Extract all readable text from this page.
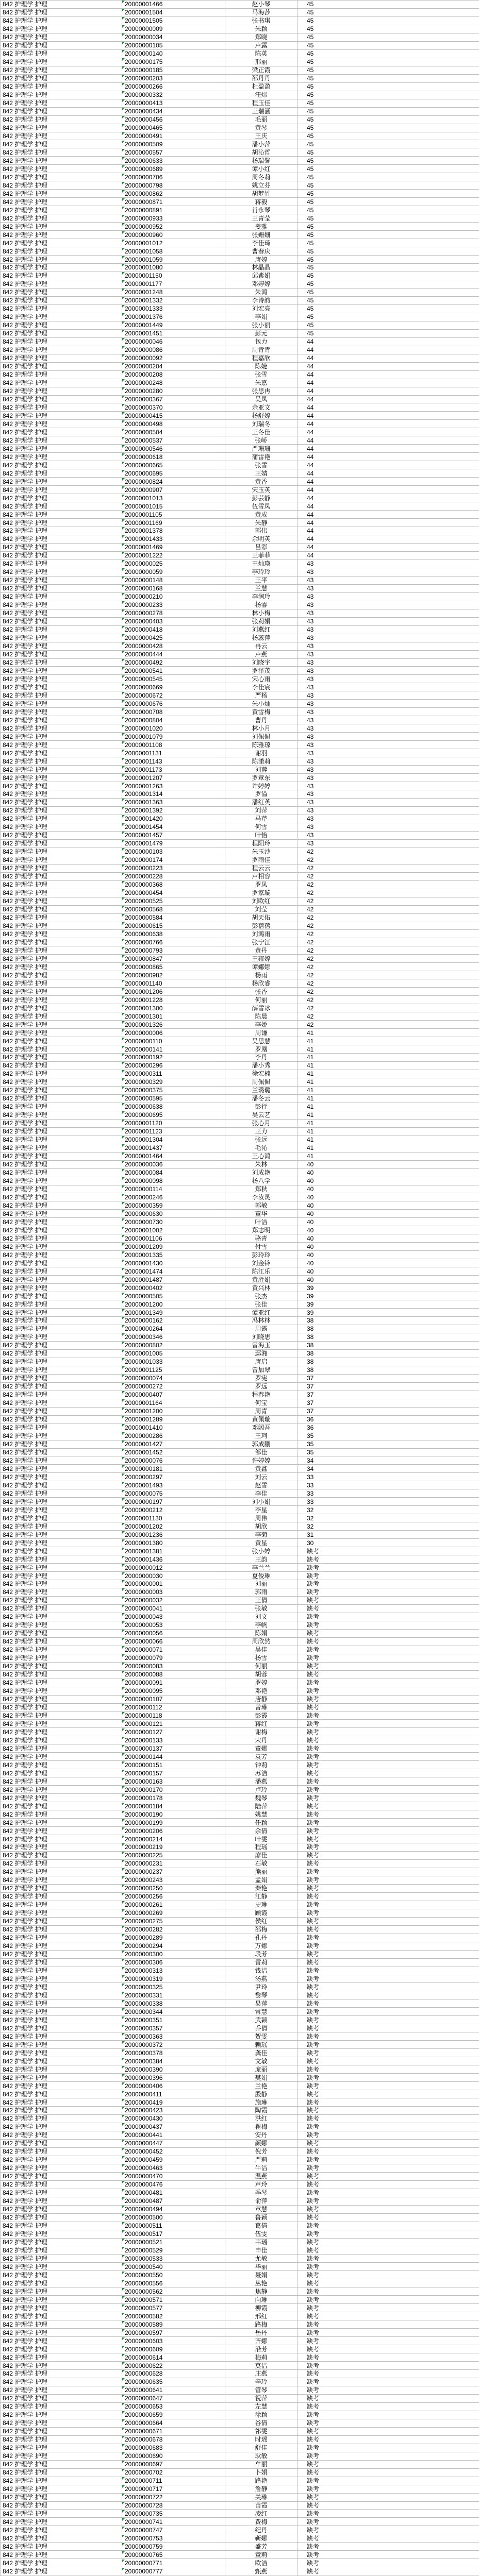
842 护理学 护理	20000001466	赵小琴	45
842 护理学 护理	20000001504	马海莎	45
842 护理学 护理	20000001505	张书琪	45
842 护理学 护理	20000000009	朱颖	45
842 护理学 护理	20000000034	郑晓	45
842 护理学 护理	20000000105	卢露	45
842 护理学 护理	20000000140	陈英	45
842 护理学 护理	20000000175	邢丽	45
842 护理学 护理	20000000185	梁正霞	45
842 护理学 护理	20000000203	邵丹丹	45
842 护理学 护理	20000000266	杜盈盈	45
842 护理学 护理	20000000332	汪炜	45
842 护理学 护理	20000000413	程玉佳	45
842 护理学 护理	20000000434	王瑞涵	45
842 护理学 护理	20000000456	毛丽	45
842 护理学 护理	20000000465	黄琴	45
842 护理学 护理	20000000491	王庆	45
842 护理学 护理	20000000509	潘小萍	45
842 护理学 护理	20000000557	胡沁哲	45
842 护理学 护理	20000000633	杨瑞馨	45
842 护理学 护理	20000000689	谭小红	45
842 护理学 护理	20000000706	周冬莉	45
842 护理学 护理	20000000798	姚立芬	45
842 护理学 护理	20000000862	胡梦竹	45
842 护理学 护理	20000000871	蒋毅	45
842 护理学 护理	20000000891	肖永琴	45
842 护理学 护理	20000000933	王青莹	45
842 护理学 护理	20000000952	姜雅	45
842 护理学 护理	20000000960	张姗姗	45
842 护理学 护理	20000001012	李佳琦	45
842 护理学 护理	20000001058	曹春庆	45
842 护理学 护理	20000001059	唐婷	45
842 护理学 护理	20000001080	林晶晶	45
842 护理学 护理	20000001150	邱紫娟	45
842 护理学 护理	20000001177	邓婷婷	45
842 护理学 护理	20000001248	朱鸿	45
842 护理学 护理	20000001332	李诗韵	45
842 护理学 护理	20000001333	刘宏亮	45
842 护理学 护理	20000001376	李娟	45
842 护理学 护理	20000001449	张小丽	45
842 护理学 护理	20000001451	彭元	45
842 护理学 护理	20000000046	包力	44
842 护理学 护理	20000000086	周青青	44
842 护理学 护理	20000000092	程嘉欣	44
842 护理学 护理	20000000204	陈婕	44
842 护理学 护理	20000000208	张雪	44
842 护理学 护理	20000000248	朱嘉	44
842 护理学 护理	20000000280	张思冉	44
842 护理学 护理	20000000367	吴凤	44
842 护理学 护理	20000000370	余亚文	44
842 护理学 护理	20000000415	杨舒婷	44
842 护理学 护理	20000000498	刘瑞冬	44
842 护理学 护理	20000000504	王冬佳	44
842 护理学 护理	20000000537	张峤	44
842 护理学 护理	20000000546	严珊珊	44
842 护理学 护理	20000000618	蒲雷艳	44
842 护理学 护理	20000000665	张雪	44
842 护理学 护理	20000000695	王婧	44
842 护理学 护理	20000000824	黄香	44
842 护理学 护理	20000000907	宋玉英	44
842 护理学 护理	20000001013	彭芸静	44
842 护理学 护理	20000001015	伍雪凤	44
842 护理学 护理	20000001105	黄成	44
842 护理学 护理	20000001169	朱静	44
842 护理学 护理	20000001378	郭伟	44
842 护理学 护理	20000001433	余明英	44
842 护理学 护理	20000001469	吕彩	44
842 护理学 护理	20000001222	王菲菲	44
842 护理学 护理	20000000025	王灿瑛	43
842 护理学 护理	20000000059	李玲玲	43
842 护理学 护理	20000000148	王平	43
842 护理学 护理	20000000168	兰慧	43
842 护理学 护理	20000000210	李润玲	43
842 护理学 护理	20000000233	杨睿	43
842 护理学 护理	20000000278	林小梅	43
842 护理学 护理	20000000403	张莉娟	43
842 护理学 护理	20000000418	刘燕红	43
842 护理学 护理	20000000425	杨蕊萍	43
842 护理学 护理	20000000428	冉云	43
842 护理学 护理	20000000444	卢燕	43
842 护理学 护理	20000000492	刘晓宇	43
842 护理学 护理	20000000541	罗泽茂	43
842 护理学 护理	20000000545	宋心雨	43
842 护理学 护理	20000000669	李佳宸	43
842 护理学 护理	20000000672	严杨	43
842 护理学 护理	20000000676	朱小灿	43
842 护理学 护理	20000000708	黄雪梅	43
842 护理学 护理	20000000804	曹丹	43
842 护理学 护理	20000001020	林小月	43
842 护理学 护理	20000001079	刘佩佩	43
842 护理学 护理	20000001108	陈雅琼	43
842 护理学 护理	20000001131	谢羽	43
842 护理学 护理	20000001143	陈潇莉	43
842 护理学 护理	20000001173	刘蓉	43
842 护理学 护理	20000001207	罗章东	43
842 护理学 护理	20000001263	许婷婷	43
842 护理学 护理	20000001314	罗溢	43
842 护理学 护理	20000001363	潘红英	43
842 护理学 护理	20000001392	刘萍	43
842 护理学 护理	20000001420	马芹	43
842 护理学 护理	20000001454	何雪	43
842 护理学 护理	20000001457	叶怡	43
842 护理学 护理	20000001479	程阳玲	43
842 护理学 护理	20000000103	朱玉沙	42
842 护理学 护理	20000000174	罗雨佳	42
842 护理学 护理	20000000223	程云云	42
842 护理学 护理	20000000228	卢相容	42
842 护理学 护理	20000000368	罗凤	42
842 护理学 护理	20000000454	罗家璇	42
842 护理学 护理	20000000525	刘欧红	42
842 护理学 护理	20000000568	刘莹	42
842 护理学 护理	20000000584	胡天佑	42
842 护理学 护理	20000000615	彭蓓蓓	42
842 护理学 护理	20000000638	刘鸿雨	42
842 护理学 护理	20000000766	张宁江	42
842 护理学 护理	20000000793	黄丹	42
842 护理学 护理	20000000847	王雍婷	42
842 护理学 护理	20000000865	谭娜娜	42
842 护理学 护理	20000000982	杨雨	42
842 护理学 护理	20000001140	杨欣睿	42
842 护理学 护理	20000001206	张香	42
842 护理学 护理	20000001228	何丽	42
842 护理学 护理	20000001300	薛雪冰	42
842 护理学 护理	20000001301	陈晨	42
842 护理学 护理	20000001326	李娇	42
842 护理学 护理	20000000006	周谦	41
842 护理学 护理	20000000110	吴思慧	41
842 护理学 护理	20000000141	罗凰	41
842 护理学 护理	20000000192	李丹	41
842 护理学 护理	20000000296	潘小秀	41
842 护理学 护理	20000000311	徐宏楠	41
842 护理学 护理	20000000329	周佩佩	41
842 护理学 护理	20000000375	兰璐璐	41
842 护理学 护理	20000000595	潘冬云	41
842 护理学 护理	20000000638	彭行	41
842 护理学 护理	20000000695	吴云艺	41
842 护理学 护理	20000001120	张心月	41
842 护理学 护理	20000001123	王力	41
842 护理学 护理	20000001304	张远	41
842 护理学 护理	20000001437	毛沁	41
842 护理学 护理	20000001464	王心鸿	41
842 护理学 护理	20000000036	朱林	40
842 护理学 护理	20000000084	刘成艳	40
842 护理学 护理	20000000098	杨八学	40
842 护理学 护理	20000000114	郑秋	40
842 护理学 护理	20000000246	李汝灵	40
842 护理学 护理	20000000359	郭敏	40
842 护理学 护理	20000000630	董华	40
842 护理学 护理	20000000730	叶洁	40
842 护理学 护理	20000001002	郑志明	40
842 护理学 护理	20000001106	骆青	40
842 护理学 护理	20000001209	付雪	40
842 护理学 护理	20000001335	彭玲玲	40
842 护理学 护理	20000001430	刘金铃	40
842 护理学 护理	20000001474	陈江乐	40
842 护理学 护理	20000001487	黄胜娟	40
842 护理学 护理	20000000402	黄兴林	39
842 护理学 护理	20000000505	张杰	39
842 护理学 护理	20000001200	张佳	39
842 护理学 护理	20000001349	谭亚红	39
842 护理学 护理	20000000162	冯林林	38
842 护理学 护理	20000000264	周露	38
842 护理学 护理	20000000346	刘晓思	38
842 护理学 护理	20000000802	曾海玉	38
842 护理学 护理	20000001005	鄢湘	38
842 护理学 护理	20000001033	唐启	38
842 护理学 护理	20000001125	曾加翠	38
842 护理学 护理	20000000074	罗宪	37
842 护理学 护理	20000000272	罗远	37
842 护理学 护理	20000000407	程春艳	37
842 护理学 护理	20000001164	何宝	37
842 护理学 护理	20000001200	周青	37
842 护理学 护理	20000001289	黄佩璇	36
842 护理学 护理	20000001410	邓阔吾	36
842 护理学 护理	20000000286	王珂	35
842 护理学 护理	20000001427	郭成鹏	35
842 护理学 护理	20000001452	邹佳	35
842 护理学 护理	20000000076	许婷婷	34
842 护理学 护理	20000000181	黄鑫	34
842 护理学 护理	20000000297	刘云	33
842 护理学 护理	20000001493	赵雪	33
842 护理学 护理	20000000075	李佳	33
842 护理学 护理	20000000197	刘小娟	33
842 护理学 护理	20000000212	李星	32
842 护理学 护理	20000001130	周伟	32
842 护理学 护理	20000001202	胡欣	32
842 护理学 护理	20000001236	李菊	31
842 护理学 护理	20000001380	黄星	30
842 护理学 护理	20000001381	张小婷	缺考
842 护理学 护理	20000001436	王韵	缺考
842 护理学 护理	20000000012	李兰兰	缺考
842 护理学 护理	20000000030	夏俊琳	缺考
842 护理学 护理	20000000001	刘丽	缺考
842 护理学 护理	20000000003	郭雨	缺考
842 护理学 护理	20000000032	王倩	缺考
842 护理学 护理	20000000041	张敏	缺考
842 护理学 护理	20000000043	刘文	缺考
842 护理学 护理	20000000053	李帆	缺考
842 护理学 护理	20000000056	陈娟	缺考
842 护理学 护理	20000000066	周欣然	缺考
842 护理学 护理	20000000071	吴佳	缺考
842 护理学 护理	20000000079	杨雪	缺考
842 护理学 护理	20000000083	何丽	缺考
842 护理学 护理	20000000088	胡蓉	缺考
842 护理学 护理	20000000091	罗婷	缺考
842 护理学 护理	20000000095	邓艳	缺考
842 护理学 护理	20000000107	唐静	缺考
842 护理学 护理	20000000112	曾琳	缺考
842 护理学 护理	20000000118	彭霞	缺考
842 护理学 护理	20000000121	蒋红	缺考
842 护理学 护理	20000000127	谢梅	缺考
842 护理学 护理	20000000133	宋丹	缺考
842 护理学 护理	20000000137	董娜	缺考
842 护理学 护理	20000000144	袁芳	缺考
842 护理学 护理	20000000151	钟莉	缺考
842 护理学 护理	20000000157	苏洁	缺考
842 护理学 护理	20000000163	潘燕	缺考
842 护理学 护理	20000000170	卢玲	缺考
842 护理学 护理	20000000178	魏琴	缺考
842 护理学 护理	20000000184	陆萍	缺考
842 护理学 护理	20000000190	姚慧	缺考
842 护理学 护理	20000000199	任颖	缺考
842 护理学 护理	20000000206	余倩	缺考
842 护理学 护理	20000000214	叶雯	缺考
842 护理学 护理	20000000219	程瑶	缺考
842 护理学 护理	20000000225	廖佳	缺考
842 护理学 护理	20000000231	石敏	缺考
842 护理学 护理	20000000237	熊丽	缺考
842 护理学 护理	20000000243	孟娟	缺考
842 护理学 护理	20000000250	秦艳	缺考
842 护理学 护理	20000000256	江静	缺考
842 护理学 护理	20000000261	史琳	缺考
842 护理学 护理	20000000269	顾霞	缺考
842 护理学 护理	20000000275	侯红	缺考
842 护理学 护理	20000000282	邵梅	缺考
842 护理学 护理	20000000289	孔丹	缺考
842 护理学 护理	20000000294	万娜	缺考
842 护理学 护理	20000000300	段芳	缺考
842 护理学 护理	20000000306	雷莉	缺考
842 护理学 护理	20000000313	钱洁	缺考
842 护理学 护理	20000000319	汤燕	缺考
842 护理学 护理	20000000325	尹玲	缺考
842 护理学 护理	20000000331	黎琴	缺考
842 护理学 护理	20000000338	易萍	缺考
842 护理学 护理	20000000344	常慧	缺考
842 护理学 护理	20000000351	武颖	缺考
842 护理学 护理	20000000357	乔倩	缺考
842 护理学 护理	20000000363	贺雯	缺考
842 护理学 护理	20000000372	赖瑶	缺考
842 护理学 护理	20000000378	龚佳	缺考
842 护理学 护理	20000000384	文敏	缺考
842 护理学 护理	20000000390	庞丽	缺考
842 护理学 护理	20000000396	樊娟	缺考
842 护理学 护理	20000000406	兰艳	缺考
842 护理学 护理	20000000411	殷静	缺考
842 护理学 护理	20000000419	施琳	缺考
842 护理学 护理	20000000423	陶霞	缺考
842 护理学 护理	20000000430	洪红	缺考
842 护理学 护理	20000000437	翟梅	缺考
842 护理学 护理	20000000441	安丹	缺考
842 护理学 护理	20000000447	颜娜	缺考
842 护理学 护理	20000000452	倪芳	缺考
842 护理学 护理	20000000459	严莉	缺考
842 护理学 护理	20000000463	牛洁	缺考
842 护理学 护理	20000000470	温燕	缺考
842 护理学 护理	20000000476	芦玲	缺考
842 护理学 护理	20000000481	季琴	缺考
842 护理学 护理	20000000487	俞萍	缺考
842 护理学 护理	20000000494	章慧	缺考
842 护理学 护理	20000000500	鲁颖	缺考
842 护理学 护理	20000000511	葛倩	缺考
842 护理学 护理	20000000517	伍雯	缺考
842 护理学 护理	20000000521	韦瑶	缺考
842 护理学 护理	20000000529	申佳	缺考
842 护理学 护理	20000000533	尤敏	缺考
842 护理学 护理	20000000540	毕丽	缺考
842 护理学 护理	20000000550	聂娟	缺考
842 护理学 护理	20000000556	丛艳	缺考
842 护理学 护理	20000000562	焦静	缺考
842 护理学 护理	20000000571	向琳	缺考
842 护理学 护理	20000000577	柳霞	缺考
842 护理学 护理	20000000582	邢红	缺考
842 护理学 护理	20000000589	路梅	缺考
842 护理学 护理	20000000597	岳丹	缺考
842 护理学 护理	20000000603	齐娜	缺考
842 护理学 护理	20000000609	沿芳	缺考
842 护理学 护理	20000000614	梅莉	缺考
842 护理学 护理	20000000622	莫洁	缺考
842 护理学 护理	20000000628	庄燕	缺考
842 护理学 护理	20000000635	辛玲	缺考
842 护理学 护理	20000000641	管琴	缺考
842 护理学 护理	20000000647	祝萍	缺考
842 护理学 护理	20000000653	左慧	缺考
842 护理学 护理	20000000659	涂颖	缺考
842 护理学 护理	20000000664	谷倩	缺考
842 护理学 护理	20000000671	祁雯	缺考
842 护理学 护理	20000000678	时瑶	缺考
842 护理学 护理	20000000683	舒佳	缺考
842 护理学 护理	20000000690	耿敏	缺考
842 护理学 护理	20000000697	牟丽	缺考
842 护理学 护理	20000000702	卜娟	缺考
842 护理学 护理	20000000711	路艳	缺考
842 护理学 护理	20000000717	詹静	缺考
842 护理学 护理	20000000722	关琳	缺考
842 护理学 护理	20000000728	苗霞	缺考
842 护理学 护理	20000000735	凌红	缺考
842 护理学 护理	20000000741	费梅	缺考
842 护理学 护理	20000000747	纪丹	缺考
842 护理学 护理	20000000753	靳娜	缺考
842 护理学 护理	20000000759	盛芳	缺考
842 护理学 护理	20000000765	童莉	缺考
842 护理学 护理	20000000771	欧洁	缺考
842 护理学 护理	20000000777	甄燕	缺考
